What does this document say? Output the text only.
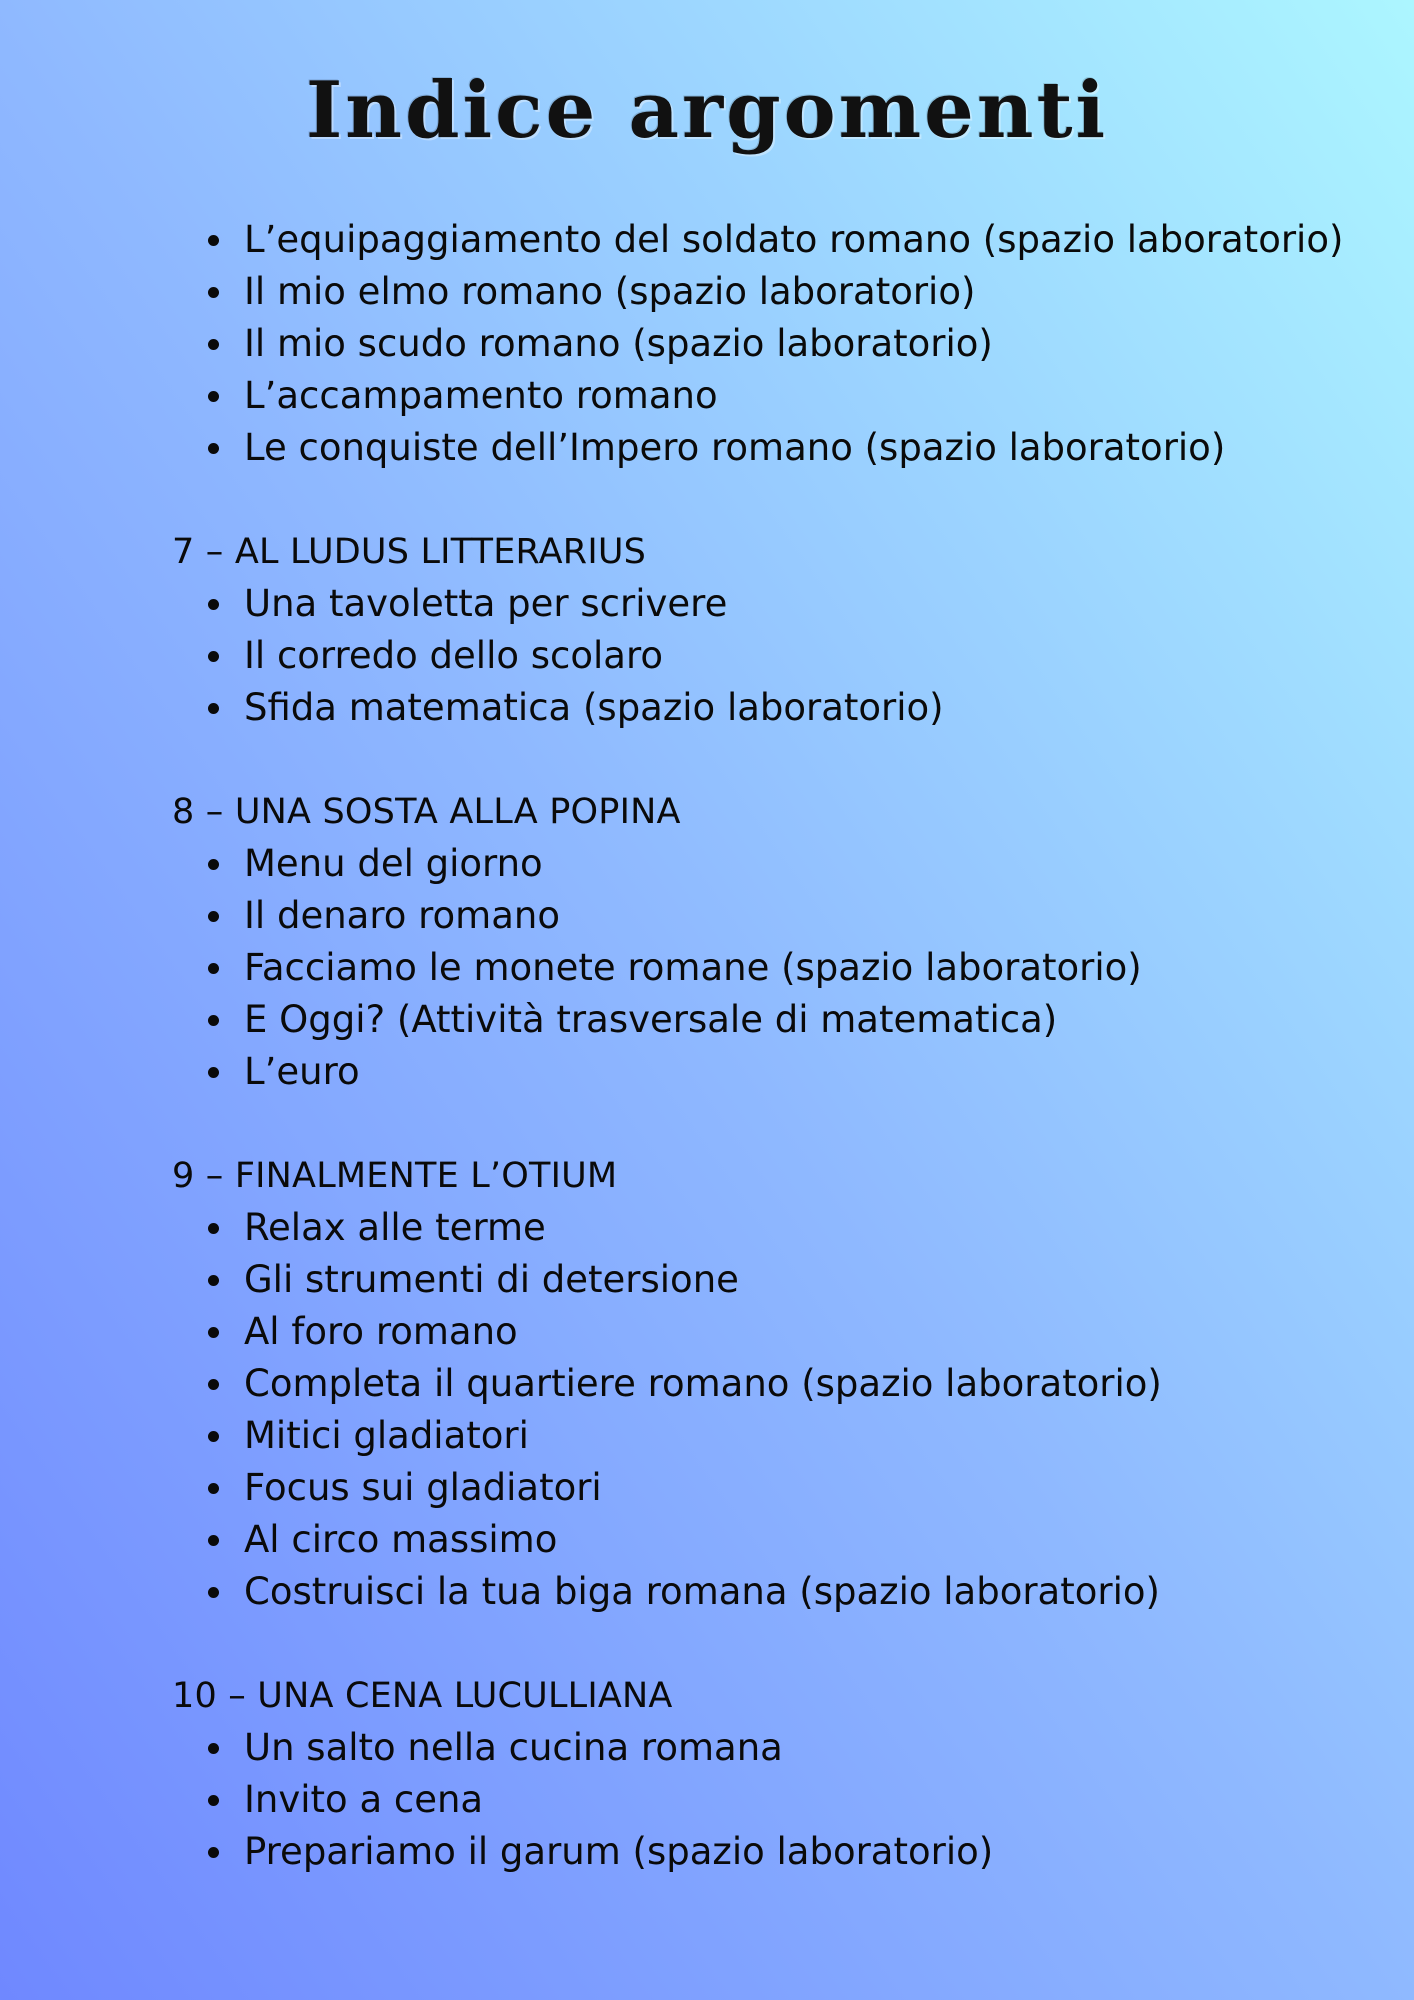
Indice argomenti
L’equipaggiamento del soldato romano (spazio laboratorio)
Il mio elmo romano (spazio laboratorio)
Il mio scudo romano (spazio laboratorio)
L’accampamento romano
Le conquiste dell’Impero romano (spazio laboratorio)
7 – AL LUDUS LITTERARIUS
Una tavoletta per scrivere
Il corredo dello scolaro
Sfida matematica (spazio laboratorio)
8 – UNA SOSTA ALLA POPINA
Menu del giorno
Il denaro romano
Facciamo le monete romane (spazio laboratorio)
E Oggi? (Attività trasversale di matematica)
L’euro
9 – FINALMENTE L’OTIUM
Relax alle terme
Gli strumenti di detersione
Al foro romano
Completa il quartiere romano (spazio laboratorio)
Mitici gladiatori
Focus sui gladiatori
Al circo massimo
Costruisci la tua biga romana (spazio laboratorio)
10 – UNA CENA LUCULLIANA
Un salto nella cucina romana
Invito a cena
Prepariamo il garum (spazio laboratorio)
